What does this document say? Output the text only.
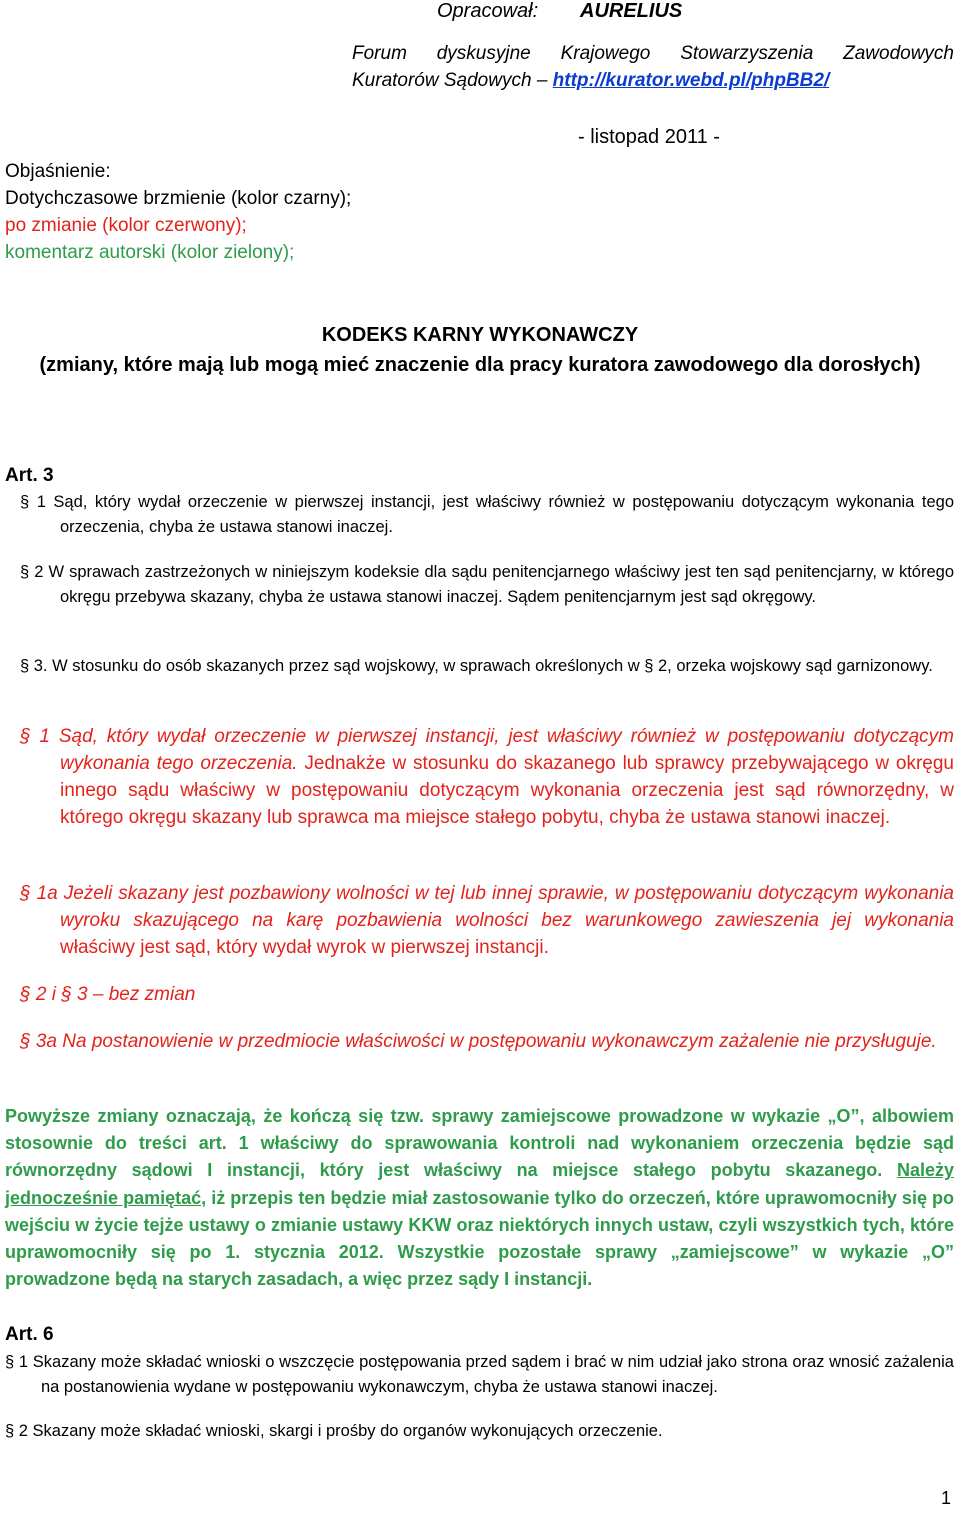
Opracował: AURELIUS
Forum dyskusyjne Krajowego Stowarzyszenia Zawodowych
Kuratorów Sądowych – http://kurator.webd.pl/phpBB2/
- listopad 2011 -
Objaśnienie:
Dotychczasowe brzmienie (kolor czarny);
po zmianie (kolor czerwony);
komentarz autorski (kolor zielony);
KODEKS KARNY WYKONAWCZY
(zmiany, które mają lub mogą mieć znaczenie dla pracy kuratora zawodowego dla dorosłych)
Art. 3
§ 1 Sąd, który wydał orzeczenie w pierwszej instancji, jest właściwy również w postępowaniu dotyczącym wykonania tego orzeczenia, chyba że ustawa stanowi inaczej.
§ 2 W sprawach zastrzeżonych w niniejszym kodeksie dla sądu penitencjarnego właściwy jest ten sąd penitencjarny, w którego okręgu przebywa skazany, chyba że ustawa stanowi inaczej. Sądem penitencjarnym jest sąd okręgowy.
§ 3. W stosunku do osób skazanych przez sąd wojskowy, w sprawach określonych w § 2, orzeka wojskowy sąd garnizonowy.
§ 1 Sąd, który wydał orzeczenie w pierwszej instancji, jest właściwy również w postępowaniu dotyczącym wykonania tego orzeczenia. Jednakże w stosunku do skazanego lub sprawcy przebywającego w okręgu innego sądu właściwy w postępowaniu dotyczącym wykonania orzeczenia jest sąd równorzędny, w którego okręgu skazany lub sprawca ma miejsce stałego pobytu, chyba że ustawa stanowi inaczej.
§ 1a Jeżeli skazany jest pozbawiony wolności w tej lub innej sprawie, w postępowaniu dotyczącym wykonania wyroku skazującego na karę pozbawienia wolności bez warunkowego zawieszenia jej wykonania właściwy jest sąd, który wydał wyrok w pierwszej instancji.
§ 2 i § 3 – bez zmian
§ 3a Na postanowienie w przedmiocie właściwości w postępowaniu wykonawczym zażalenie nie przysługuje.
Powyższe zmiany oznaczają, że kończą się tzw. sprawy zamiejscowe prowadzone w wykazie „O”, albowiem stosownie do treści art. 1 właściwy do sprawowania kontroli nad wykonaniem orzeczenia będzie sąd równorzędny sądowi I instancji, który jest właściwy na miejsce stałego pobytu skazanego. Należy jednocześnie pamiętać, iż przepis ten będzie miał zastosowanie tylko do orzeczeń, które uprawomocniły się po wejściu w życie tejże ustawy o zmianie ustawy KKW oraz niektórych innych ustaw, czyli wszystkich tych, które uprawomocniły się po 1. stycznia 2012. Wszystkie pozostałe sprawy „zamiejscowe” w wykazie „O” prowadzone będą na starych zasadach, a więc przez sądy I instancji.
Art. 6
§ 1 Skazany może składać wnioski o wszczęcie postępowania przed sądem i brać w nim udział jako strona oraz wnosić zażalenia na postanowienia wydane w postępowaniu wykonawczym, chyba że ustawa stanowi inaczej.
§ 2 Skazany może składać wnioski, skargi i prośby do organów wykonujących orzeczenie.
1
